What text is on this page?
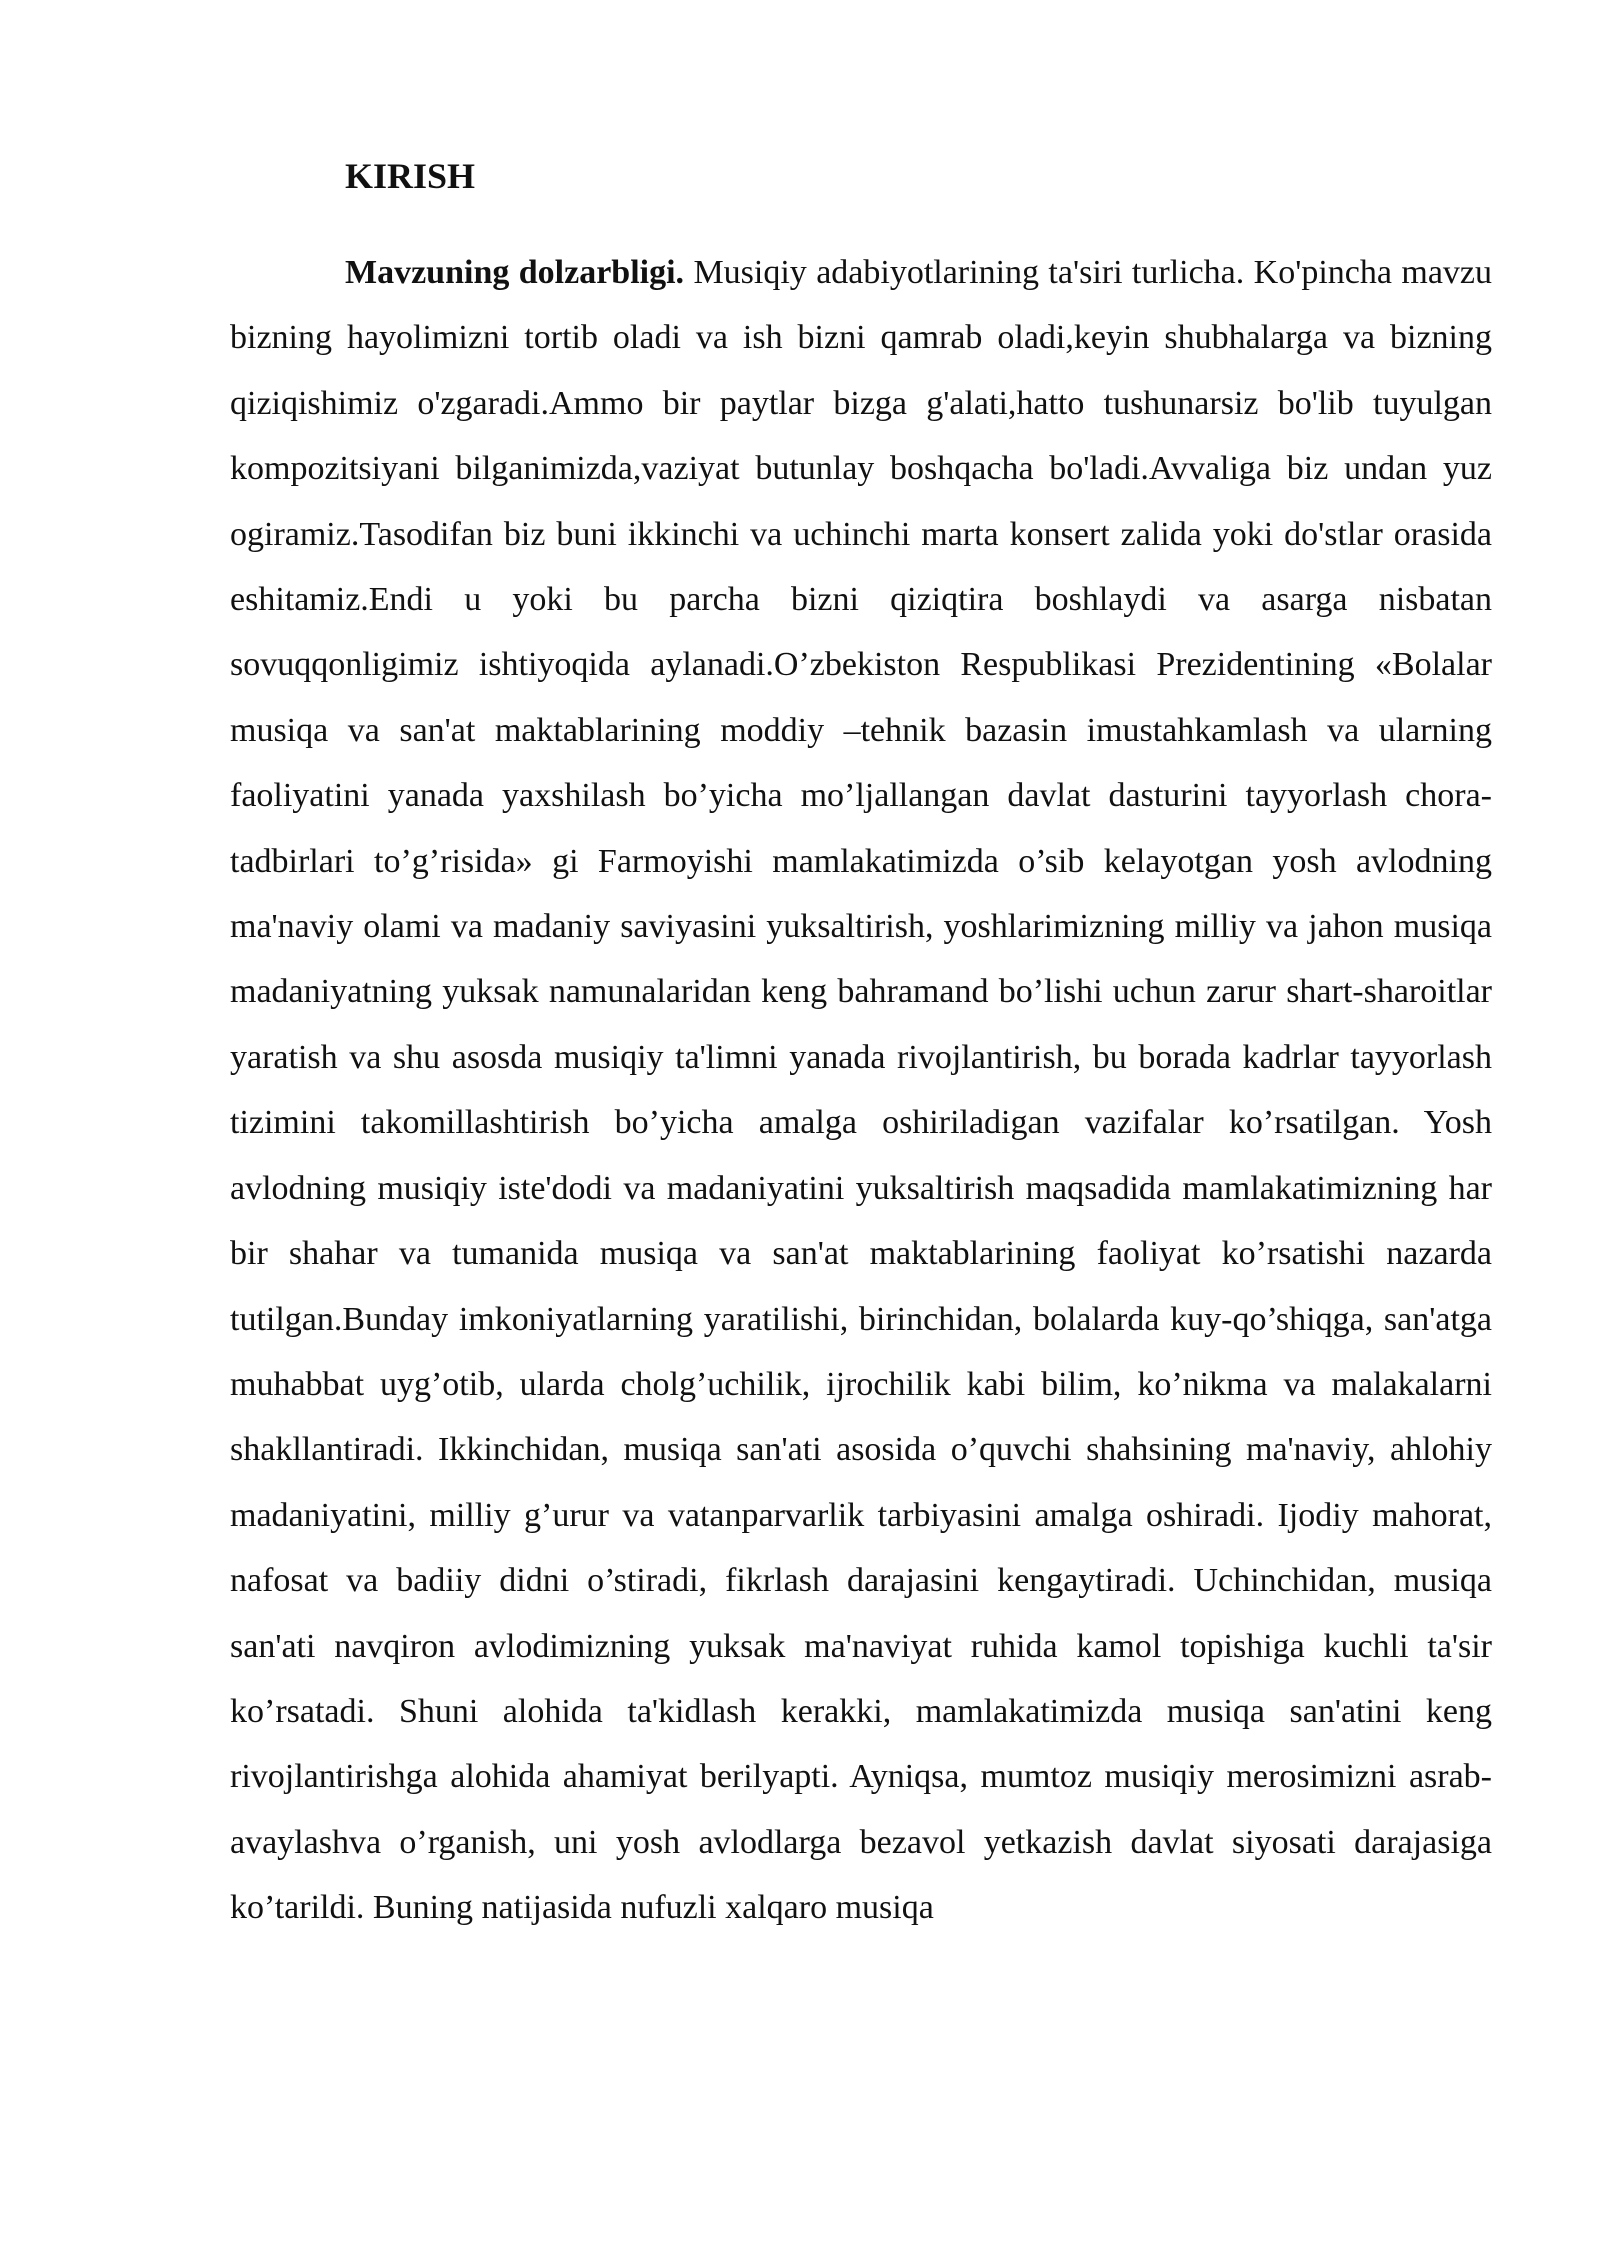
KIRISH

Mavzuning dolzarbligi. Musiqiy adabiyotlarining ta'siri turlicha. Ko'pincha mavzu bizning hayolimizni tortib oladi va ish bizni qamrab oladi,keyin shubhalarga va bizning qiziqishimiz o'zgaradi.Ammo bir paytlar bizga g'alati,hatto tushunarsiz bo'lib tuyulgan kompozitsiyani bilganimizda,vaziyat butunlay boshqacha bo'ladi.Avvaliga biz undan yuz ogiramiz.Tasodifan biz buni ikkinchi va uchinchi marta konsert zalida yoki do'stlar orasida eshitamiz.Endi u yoki bu parcha bizni qiziqtira boshlaydi va asarga nisbatan sovuqqonligimiz ishtiyoqida aylanadi.O’zbekiston Respublikasi Prezidentining «Bolalar musiqa va san'at maktablarining moddiy –tehnik bazasin imustahkamlash va ularning faoliyatini yanada yaxshilash bo’yicha mo’ljallangan davlat dasturini tayyorlash chora-tadbirlari to’g’risida» gi Farmoyishi mamlakatimizda o’sib kelayotgan yosh avlodning ma'naviy olami va madaniy saviyasini yuksaltirish, yoshlarimizning milliy va jahon musiqa madaniyatning yuksak namunalaridan keng bahramand bo’lishi uchun zarur shart-sharoitlar yaratish va shu asosda musiqiy ta'limni yanada rivojlantirish, bu borada kadrlar tayyorlash tizimini takomillashtirish bo’yicha amalga oshiriladigan vazifalar ko’rsatilgan. Yosh avlodning musiqiy iste'dodi va madaniyatini yuksaltirish maqsadida mamlakatimizning har bir shahar va tumanida musiqa va san'at maktablarining faoliyat ko’rsatishi nazarda tutilgan.Bunday imkoniyatlarning yaratilishi, birinchidan, bolalarda kuy-qo’shiqga, san'atga muhabbat uyg’otib, ularda cholg’uchilik, ijrochilik kabi bilim, ko’nikma va malakalarni shakllantiradi. Ikkinchidan, musiqa san'ati asosida o’quvchi shahsining ma'naviy, ahlohiy madaniyatini, milliy g’urur va vatanparvarlik tarbiyasini amalga oshiradi. Ijodiy mahorat, nafosat va badiiy didni o’stiradi, fikrlash darajasini kengaytiradi. Uchinchidan, musiqa san'ati navqiron avlodimizning yuksak ma'naviyat ruhida kamol topishiga kuchli ta'sir ko’rsatadi. Shuni alohida ta'kidlash kerakki, mamlakatimizda musiqa san'atini keng rivojlantirishga alohida ahamiyat berilyapti. Ayniqsa, mumtoz musiqiy merosimizni asrab-avaylashva o’rganish, uni yosh avlodlarga bezavol yetkazish davlat siyosati darajasiga ko’tarildi. Buning natijasida nufuzli xalqaro musiqa
